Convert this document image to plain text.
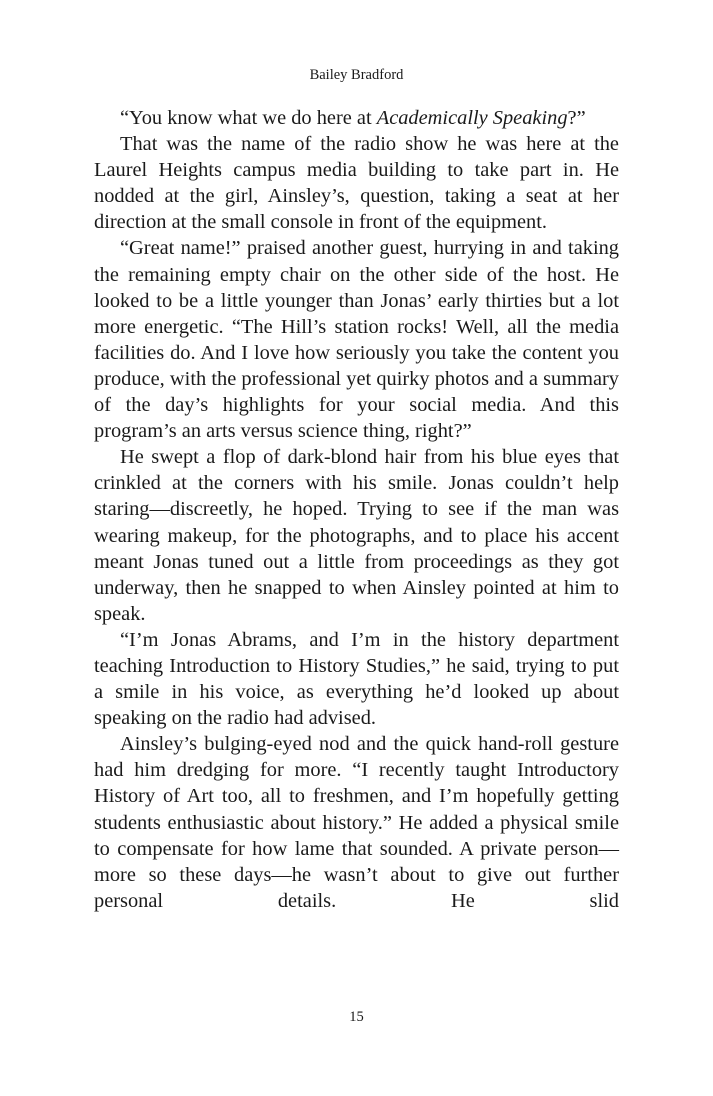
Bailey Bradford

“You know what we do here at Academically Speaking?”

That was the name of the radio show he was here at the Laurel Heights campus media building to take part in. He nodded at the girl, Ainsley’s, question, taking a seat at her direction at the small console in front of the equipment.

“Great name!” praised another guest, hurrying in and taking the remaining empty chair on the other side of the host. He looked to be a little younger than Jonas’ early thirties but a lot more energetic. “The Hill’s station rocks! Well, all the media facilities do. And I love how seriously you take the content you produce, with the professional yet quirky photos and a summary of the day’s highlights for your social media. And this program’s an arts versus science thing, right?”

He swept a flop of dark-blond hair from his blue eyes that crinkled at the corners with his smile. Jonas couldn’t help staring—discreetly, he hoped. Trying to see if the man was wearing makeup, for the photographs, and to place his accent meant Jonas tuned out a little from proceedings as they got underway, then he snapped to when Ainsley pointed at him to speak.

“I’m Jonas Abrams, and I’m in the history department teaching Introduction to History Studies,” he said, trying to put a smile in his voice, as everything he’d looked up about speaking on the radio had advised.

Ainsley’s bulging-eyed nod and the quick hand-roll gesture had him dredging for more. “I recently taught Introductory History of Art too, all to freshmen, and I’m hopefully getting students enthusiastic about history.” He added a physical smile to compensate for how lame that sounded. A private person—more so these days—he wasn’t about to give out further personal details. He slid

15
